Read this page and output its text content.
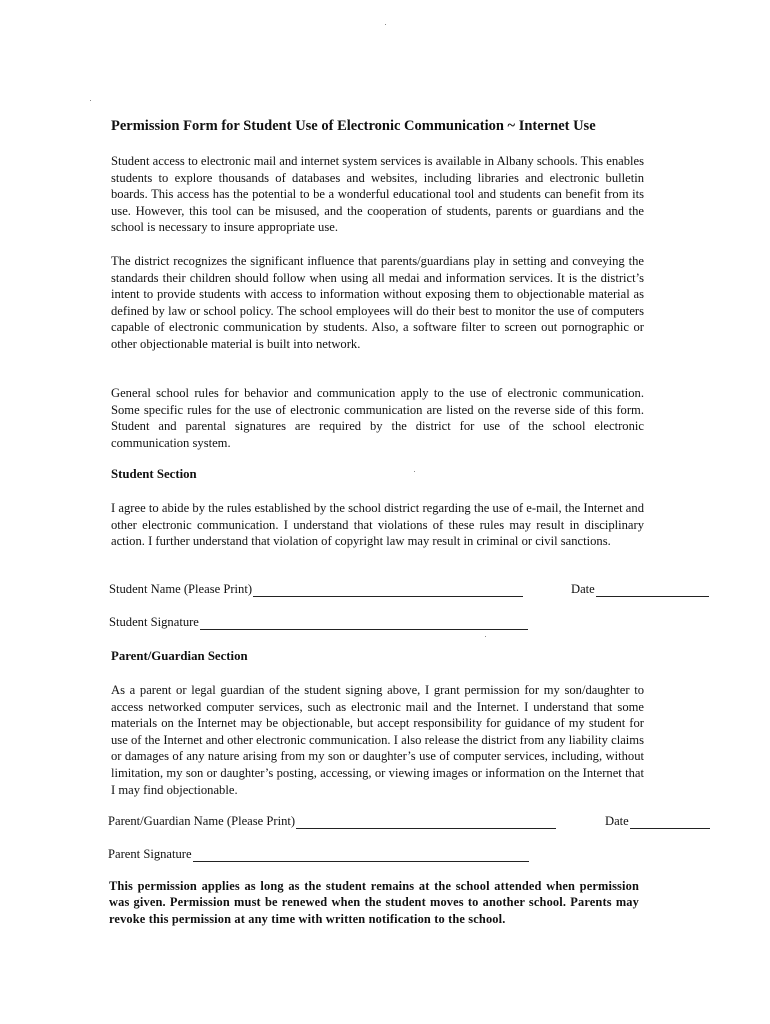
Permission Form for Student Use of Electronic Communication ~ Internet Use

Student access to electronic mail and internet system services is available in Albany schools. This enables students to explore thousands of databases and websites, including libraries and electronic bulletin boards. This access has the potential to be a wonderful educational tool and students can benefit from its use. However, this tool can be misused, and the cooperation of students, parents or guardians and the school is necessary to insure appropriate use.

The district recognizes the significant influence that parents/guardians play in setting and conveying the standards their children should follow when using all medai and information services. It is the district’s intent to provide students with access to information without exposing them to objectionable material as defined by law or school policy. The school employees will do their best to monitor the use of computers capable of electronic communication by students. Also, a software filter to screen out pornographic or other objectionable material is built into network.

General school rules for behavior and communication apply to the use of electronic communication. Some specific rules for the use of electronic communication are listed on the reverse side of this form. Student and parental signatures are required by the district for use of the school electronic communication system.

Student Section

I agree to abide by the rules established by the school district regarding the use of e-mail, the Internet and other electronic communication. I understand that violations of these rules may result in disciplinary action. I further understand that violation of copyright law may result in criminal or civil sanctions.

Student Name (Please Print)	Date
Student Signature
Parent/Guardian Section

As a parent or legal guardian of the student signing above, I grant permission for my son/daughter to access networked computer services, such as electronic mail and the Internet. I understand that some materials on the Internet may be objectionable, but accept responsibility for guidance of my student for use of the Internet and other electronic communication. I also release the district from any liability claims or damages of any nature arising from my son or daughter’s use of computer services, including, without limitation, my son or daughter’s posting, accessing, or viewing images or information on the Internet that I may find objectionable.

Parent/Guardian Name (Please Print)	Date
Parent Signature

This permission applies as long as the student remains at the school attended when permission was given. Permission must be renewed when the student moves to another school. Parents may revoke this permission at any time with written notification to the school.
